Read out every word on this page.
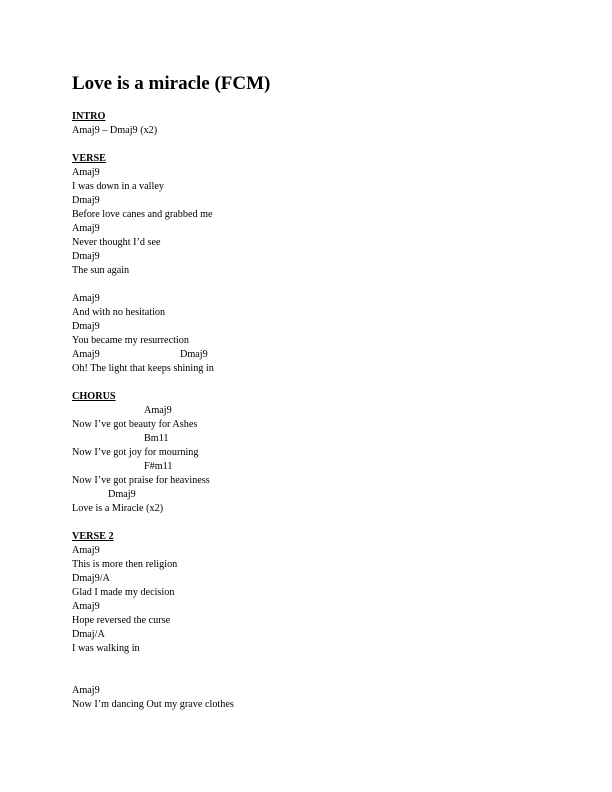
Love is a miracle (FCM)
INTRO
Amaj9 – Dmaj9 (x2)
VERSE
Amaj9
I was down in a valley
Dmaj9
Before love canes and grabbed me
Amaj9
Never thought I’d see
Dmaj9
The sun again
Amaj9
And with no hesitation
Dmaj9
You became my resurrection

Amaj9

	Dmaj9

Oh! The light that keeps shining in
CHORUS

Amaj9

Now I’ve got beauty for Ashes

Bm11

Now I’ve got joy for mourning

F#m11

Now I’ve got praise for heaviness

Dmaj9

Love is a Miracle (x2)
VERSE 2
Amaj9
This is more then religion
Dmaj9/A
Glad I made my decision
Amaj9
Hope reversed the curse
Dmaj/A
I was walking in
Amaj9
Now I’m dancing Out my grave clothes
